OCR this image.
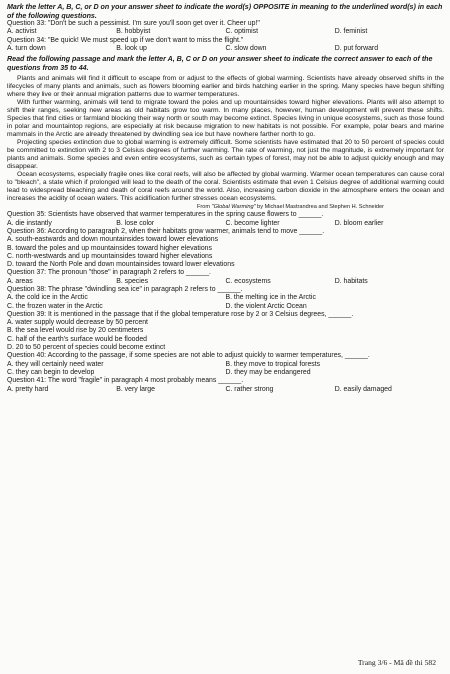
Mark the letter A, B, C, or D on your answer sheet to indicate the word(s) OPPOSITE in meaning to the underlined word(s) in each of the following questions.

Question 33: "Don't be such a pessimist. I'm sure you'll soon get over it. Cheer up!"
A. activist	B. hobbyist	C. optimist	D. feminist
Question 34: "Be quick! We must speed up if we don't want to miss the flight."
A. turn down	B. look up	C. slow down	D. put forward

Read the following passage and mark the letter A, B, C or D on your answer sheet to indicate the correct answer to each of the questions from 35 to 44.

Plants and animals will find it difficult to escape from or adjust to the effects of global warming. Scientists have already observed shifts in the lifecycles of many plants and animals, such as flowers blooming earlier and birds hatching earlier in the spring. Many species have begun shifting where they live or their annual migration patterns due to warmer temperatures.

With further warming, animals will tend to migrate toward the poles and up mountainsides toward higher elevations. Plants will also attempt to shift their ranges, seeking new areas as old habitats grow too warm. In many places, however, human development will prevent these shifts. Species that find cities or farmland blocking their way north or south may become extinct. Species living in unique ecosystems, such as those found in polar and mountaintop regions, are especially at risk because migration to new habitats is not possible. For example, polar bears and marine mammals in the Arctic are already threatened by dwindling sea ice but have nowhere farther north to go.

Projecting species extinction due to global warming is extremely difficult. Some scientists have estimated that 20 to 50 percent of species could be committed to extinction with 2 to 3 Celsius degrees of further warming. The rate of warming, not just the magnitude, is extremely important for plants and animals. Some species and even entire ecosystems, such as certain types of forest, may not be able to adjust quickly enough and may disappear.

Ocean ecosystems, especially fragile ones like coral reefs, will also be affected by global warming. Warmer ocean temperatures can cause coral to "bleach", a state which if prolonged will lead to the death of the coral. Scientists estimate that even 1 Celsius degree of additional warming could lead to widespread bleaching and death of coral reefs around the world. Also, increasing carbon dioxide in the atmosphere enters the ocean and increases the acidity of ocean waters. This acidification further stresses ocean ecosystems.

From "Global Warming" by Michael Mastrandrea and Stephen H. Schneider
Question 35: Scientists have observed that warmer temperatures in the spring cause flowers to ______.
A. die instantly	B. lose color	C. become lighter	D. bloom earlier
Question 36: According to paragraph 2, when their habitats grow warmer, animals tend to move ______.
A. south-eastwards and down mountainsides toward lower elevations
B. toward the poles and up mountainsides toward higher elevations
C. north-westwards and up mountainsides toward higher elevations
D. toward the North Pole and down mountainsides toward lower elevations
Question 37: The pronoun "those" in paragraph 2 refers to ______.
A. areas	B. species	C. ecosystems	D. habitats
Question 38: The phrase "dwindling sea ice" in paragraph 2 refers to ______.
A. the cold ice in the Arctic	B. the melting ice in the Arctic
C. the frozen water in the Arctic	D. the violent Arctic Ocean
Question 39: It is mentioned in the passage that if the global temperature rose by 2 or 3 Celsius degrees, ______.
A. water supply would decrease by 50 percent
B. the sea level would rise by 20 centimeters
C. half of the earth's surface would be flooded
D. 20 to 50 percent of species could become extinct
Question 40: According to the passage, if some species are not able to adjust quickly to warmer temperatures, ______.
A. they will certainly need water	B. they move to tropical forests
C. they can begin to develop	D. they may be endangered
Question 41: The word "fragile" in paragraph 4 most probably means ______.
A. pretty hard	B. very large	C. rather strong	D. easily damaged
Trang 3/6 - Mã đề thi 582
